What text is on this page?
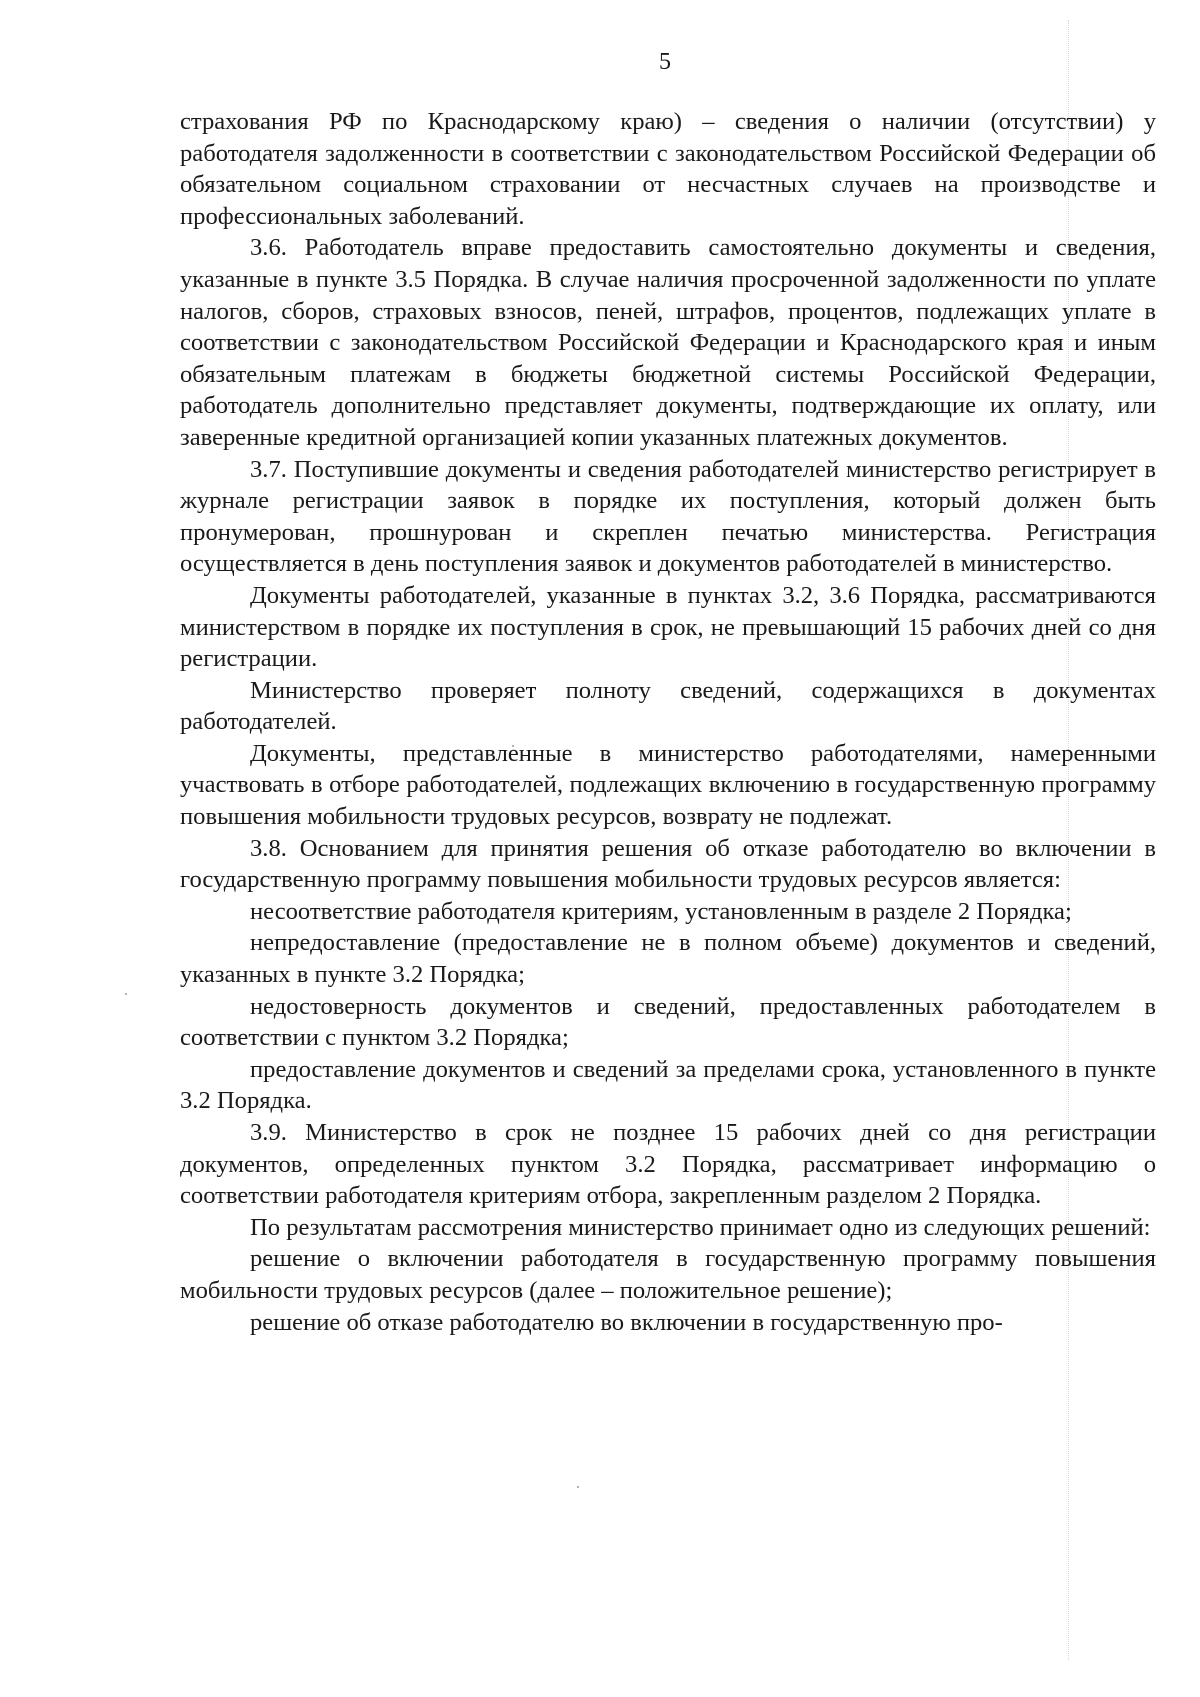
5

страхования РФ по Краснодарскому краю) – сведения о наличии (отсутствии) у работодателя задолженности в соответствии с законодательством Российской Федерации об обязательном социальном страховании от несчастных случаев на производстве и профессиональных заболеваний.

3.6. Работодатель вправе предоставить самостоятельно документы и сведения, указанные в пункте 3.5 Порядка. В случае наличия просроченной задолженности по уплате налогов, сборов, страховых взносов, пеней, штрафов, процентов, подлежащих уплате в соответствии с законодательством Российской Федерации и Краснодарского края и иным обязательным платежам в бюджеты бюджетной системы Российской Федерации, работодатель дополнительно представляет документы, подтверждающие их оплату, или заверенные кредитной организацией копии указанных платежных документов.

3.7. Поступившие документы и сведения работодателей министерство регистрирует в журнале регистрации заявок в порядке их поступления, который должен быть пронумерован, прошнурован и скреплен печатью министерства. Регистрация осуществляется в день поступления заявок и документов работодателей в министерство.

Документы работодателей, указанные в пунктах 3.2, 3.6 Порядка, рассматриваются министерством в порядке их поступления в срок, не превышающий 15 рабочих дней со дня регистрации.

Министерство проверяет полноту сведений, содержащихся в документах работодателей.

Документы, представленные в министерство работодателями, намеренными участвовать в отборе работодателей, подлежащих включению в государственную программу повышения мобильности трудовых ресурсов, возврату не подлежат.

3.8. Основанием для принятия решения об отказе работодателю во включении в государственную программу повышения мобильности трудовых ресурсов является:

несоответствие работодателя критериям, установленным в разделе 2 Порядка;

непредоставление (предоставление не в полном объеме) документов и сведений, указанных в пункте 3.2 Порядка;

недостоверность документов и сведений, предоставленных работодателем в соответствии с пунктом 3.2 Порядка;

предоставление документов и сведений за пределами срока, установленного в пункте 3.2 Порядка.

3.9. Министерство в срок не позднее 15 рабочих дней со дня регистрации документов, определенных пунктом 3.2 Порядка, рассматривает информацию о соответствии работодателя критериям отбора, закрепленным разделом 2 Порядка.

По результатам рассмотрения министерство принимает одно из следующих решений:

решение о включении работодателя в государственную программу повышения мобильности трудовых ресурсов (далее – положительное решение);

решение об отказе работодателю во включении в государственную про-
